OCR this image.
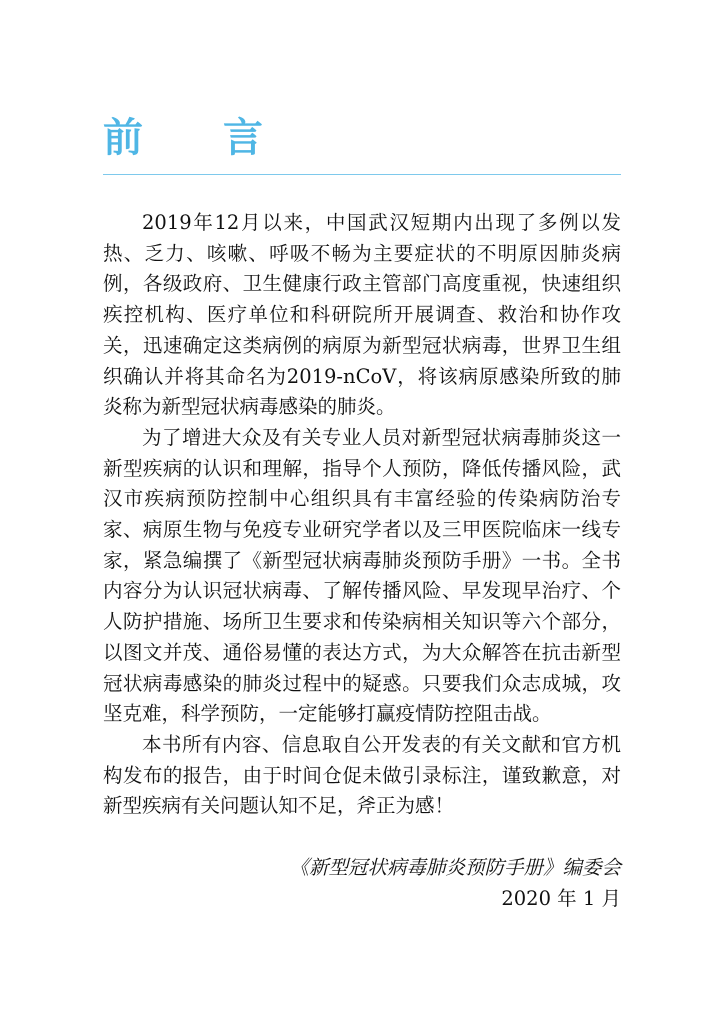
前 言

2019年12月以来，中国武汉短期内出现了多例以发热、乏力、咳嗽、呼吸不畅为主要症状的不明原因肺炎病例，各级政府、卫生健康行政主管部门高度重视，快速组织疾控机构、医疗单位和科研院所开展调查、救治和协作攻关，迅速确定这类病例的病原为新型冠状病毒，世界卫生组织确认并将其命名为2019-nCoV，将该病原感染所致的肺炎称为新型冠状病毒感染的肺炎。

为了增进大众及有关专业人员对新型冠状病毒肺炎这一新型疾病的认识和理解，指导个人预防，降低传播风险，武汉市疾病预防控制中心组织具有丰富经验的传染病防治专家、病原生物与免疫专业研究学者以及三甲医院临床一线专家，紧急编撰了《新型冠状病毒肺炎预防手册》一书。全书内容分为认识冠状病毒、了解传播风险、早发现早治疗、个人防护措施、场所卫生要求和传染病相关知识等六个部分，以图文并茂、通俗易懂的表达方式，为大众解答在抗击新型冠状病毒感染的肺炎过程中的疑惑。只要我们众志成城，攻坚克难，科学预防，一定能够打赢疫情防控阻击战。

本书所有内容、信息取自公开发表的有关文献和官方机构发布的报告，由于时间仓促未做引录标注，谨致歉意，对新型疾病有关问题认知不足，斧正为感！

《新型冠状病毒肺炎预防手册》编委会
2020 年 1 月
